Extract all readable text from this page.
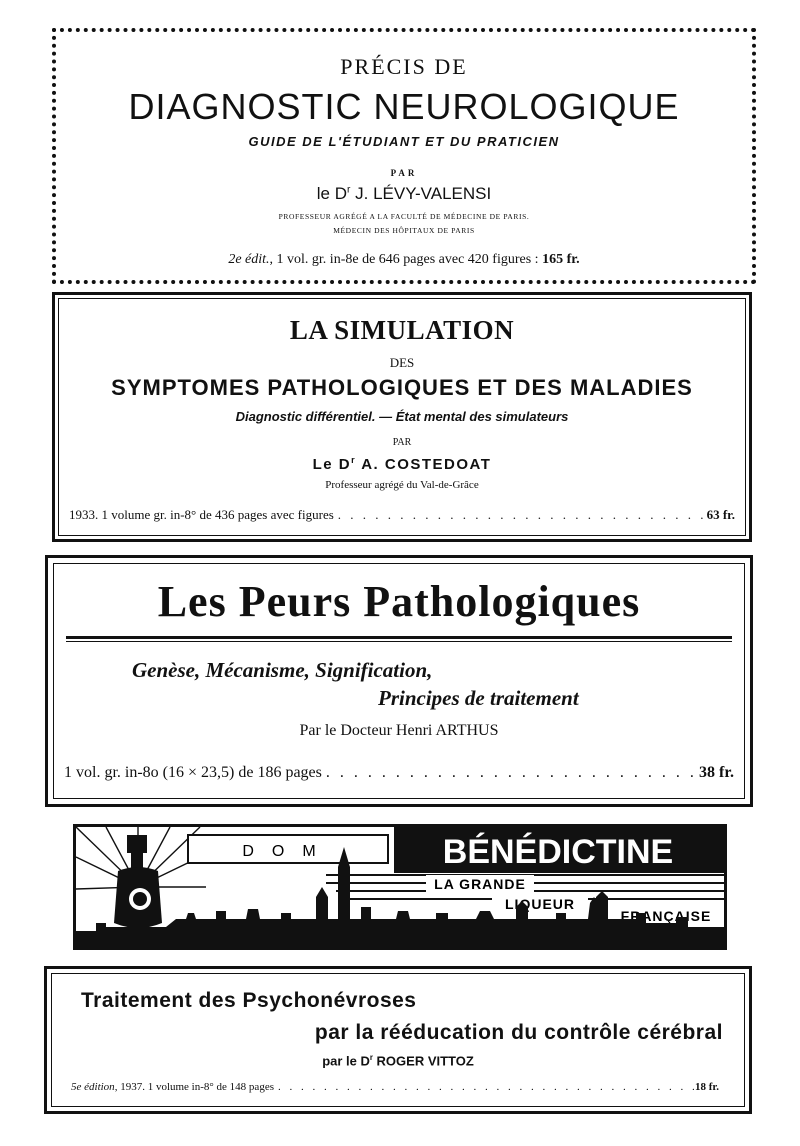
PRÉCIS DE
DIAGNOSTIC NEUROLOGIQUE
GUIDE DE L'ÉTUDIANT ET DU PRATICIEN
PAR
le $D^r$ J. LÉVY-VALENSI
PROFESSEUR AGRÉGÉ A LA FACULTÉ DE MÉDECINE DE PARIS.
MÉDECIN DES HÔPITAUX DE PARIS
2e édit., 1 vol. gr. in-8e de 646 pages avec 420 figures : 165 fr.
LA SIMULATION
DES
SYMPTOMES PATHOLOGIQUES ET DES MALADIES
Diagnostic différentiel. — État mental des simulateurs
PAR
Le $D^r$ A. COSTEDOAT
Professeur agrégé du Val-de-Grâce
1933. 1 volume gr. in-8° de 436 pages avec figures . . .	63 fr.
Les Peurs Pathologiques
Genèse, Mécanisme, Signification,
Principes de traitement
Par le Docteur Henri ARTHUS
1 vol. gr. in-8o (16 × 23,5) de 186 pages . . .	38 fr.
DOM	BÉNÉDICTINE
LA GRANDE
LIQUEUR
FRANÇAISE
Traitement des Psychonévroses
par la rééducation du contrôle cérébral
par le $D^r$ ROGER VITTOZ
5e édition , 1937. 1 volume in-8° de 148 pages . . .	18 fr.
